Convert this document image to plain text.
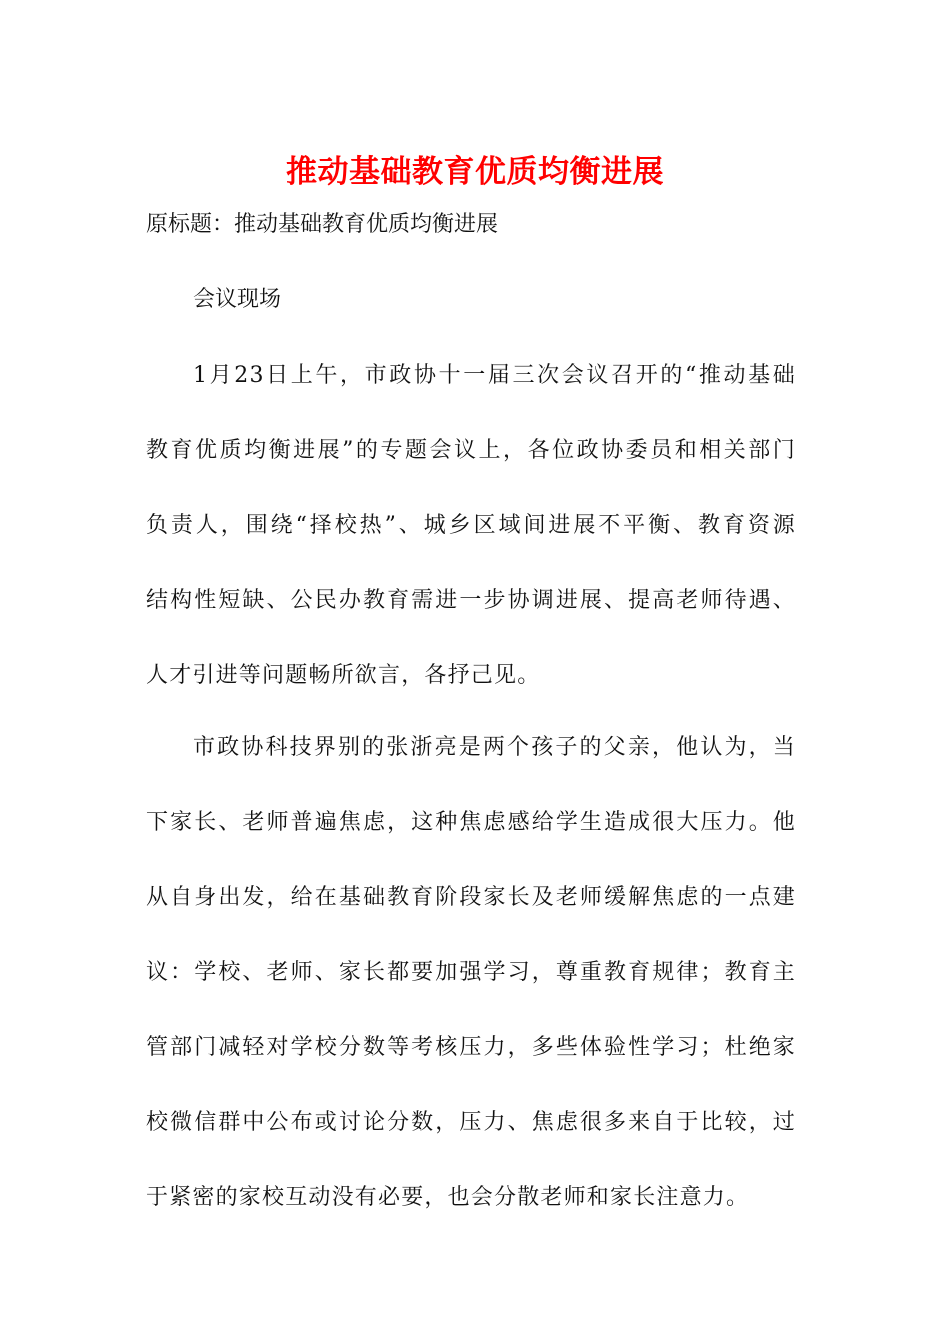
推动基础教育优质均衡进展
原标题：推动基础教育优质均衡进展
会议现场
1月23日上午，市政协十一届三次会议召开的“推动基础
教育优质均衡进展”的专题会议上，各位政协委员和相关部门
负责人，围绕“择校热”、城乡区域间进展不平衡、教育资源
结构性短缺、公民办教育需进一步协调进展、提高老师待遇、
人才引进等问题畅所欲言，各抒己见。
市政协科技界别的张浙亮是两个孩子的父亲，他认为，当
下家长、老师普遍焦虑，这种焦虑感给学生造成很大压力。他
从自身出发，给在基础教育阶段家长及老师缓解焦虑的一点建
议：学校、老师、家长都要加强学习，尊重教育规律；教育主
管部门减轻对学校分数等考核压力，多些体验性学习；杜绝家
校微信群中公布或讨论分数，压力、焦虑很多来自于比较，过
于紧密的家校互动没有必要，也会分散老师和家长注意力。
